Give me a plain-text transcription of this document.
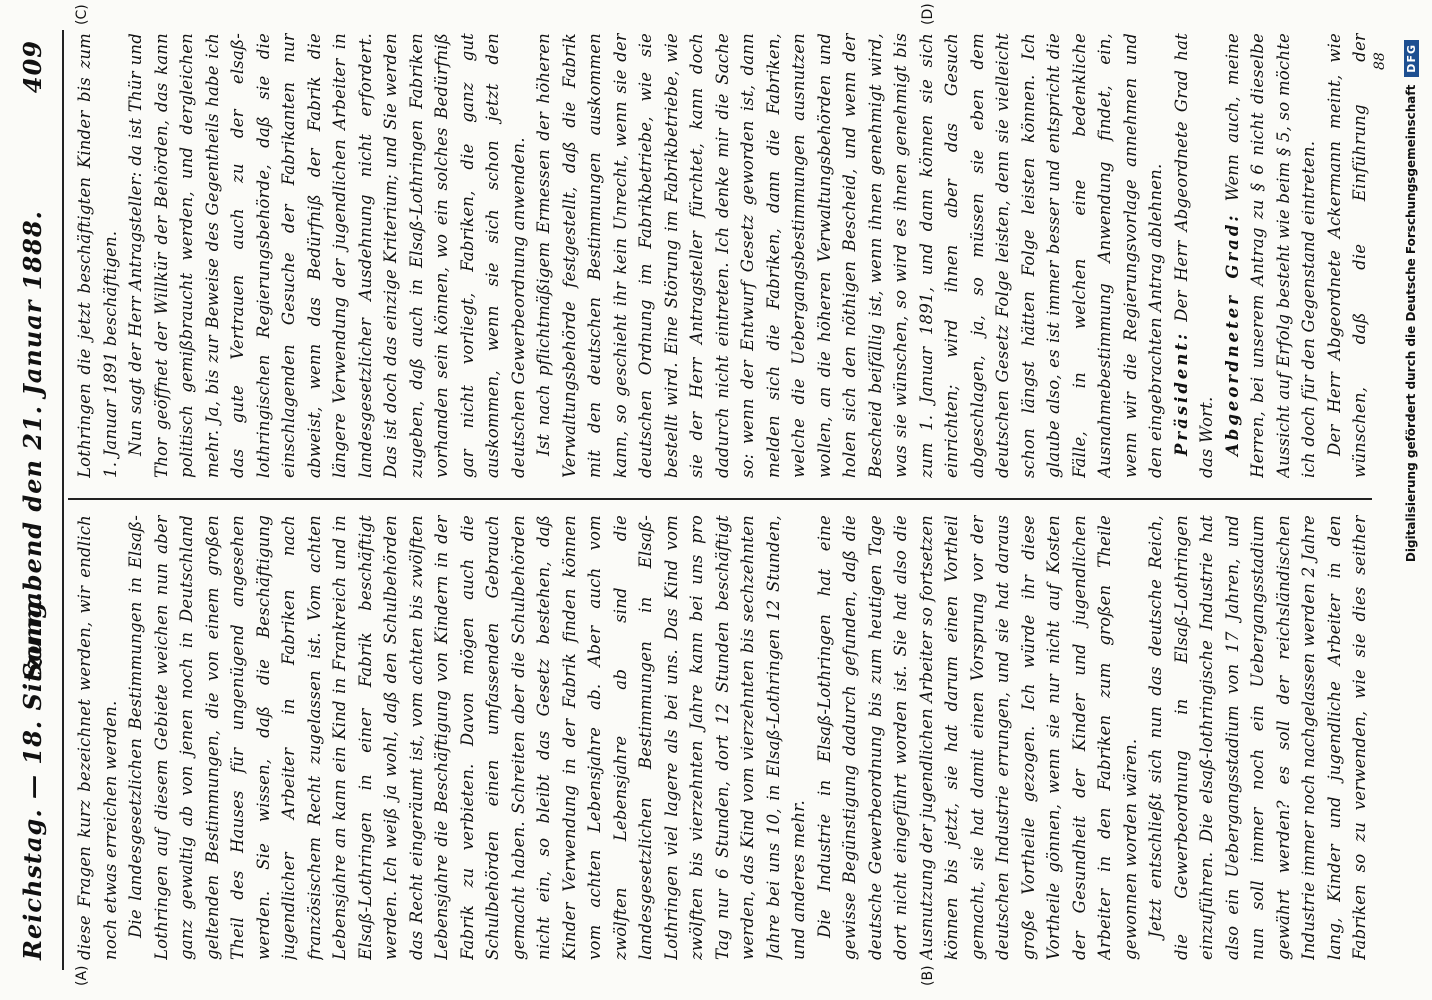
Reichstag. — 18. Sitzung.
Sonnabend den 21. Januar 1888.
409
(A)	(B)
(C)	(D)

diese Fragen kurz bezeichnet werden, wir endlich noch etwas erreichen werden. Die landesgesetzlichen Bestimmungen in Elsaß-Lothringen auf diesem Gebiete weichen nun aber ganz gewaltig ab von jenen noch in Deutschland geltenden Bestimmungen, die von einem großen Theil des Hauses für ungenügend angesehen werden. Sie wissen, daß die Beschäftigung jugendlicher Arbeiter in Fabriken nach französischem Recht zugelassen ist. Vom achten Lebensjahre an kann ein Kind in Frankreich und in Elsaß-Lothringen in einer Fabrik beschäftigt werden. Ich weiß ja wohl, daß den Schulbehörden das Recht eingeräumt ist, vom achten bis zwölften Lebensjahre die Beschäftigung von Kindern in der Fabrik zu verbieten. Davon mögen auch die Schulbehörden einen umfassenden Gebrauch gemacht haben. Schreiten aber die Schulbehörden nicht ein, so bleibt das Gesetz bestehen, daß Kinder Verwendung in der Fabrik finden können vom achten Lebensjahre ab. Aber auch vom zwölften Lebensjahre ab sind die landesgesetzlichen Bestimmungen in Elsaß-Lothringen viel lagere als bei uns. Das Kind vom zwölften bis vierzehnten Jahre kann bei uns pro Tag nur 6 Stunden, dort 12 Stunden beschäftigt werden, das Kind vom vierzehnten bis sechzehnten Jahre bei uns 10, in Elsaß-Lothringen 12 Stunden, und anderes mehr. Die Industrie in Elsaß-Lothringen hat eine gewisse Begünstigung dadurch gefunden, daß die deutsche Gewerbeordnung bis zum heutigen Tage dort nicht eingeführt worden ist. Sie hat also die Ausnutzung der jugendlichen Arbeiter so fortsetzen können bis jetzt, sie hat darum einen Vortheil gemacht, sie hat damit einen Vorsprung vor der deutschen Industrie errungen, und sie hat daraus große Vortheile gezogen. Ich würde ihr diese Vortheile gönnen, wenn sie nur nicht auf Kosten der Gesundheit der Kinder und jugendlichen Arbeiter in den Fabriken zum großen Theile gewonnen worden wären. Jetzt entschließt sich nun das deutsche Reich, die Gewerbeordnung in Elsaß-Lothringen einzuführen. Die elsaß-lothringische Industrie hat also ein Uebergangsstadium von 17 Jahren, und nun soll immer noch ein Uebergangsstadium gewährt werden? es soll der reichsländischen Industrie immer noch nachgelassen werden 2 Jahre lang, Kinder und jugendliche Arbeiter in den Fabriken so zu verwenden, wie sie dies seither

Lothringen die jetzt beschäftigten Kinder bis zum 1. Januar 1891 beschäftigen. Nun sagt der Herr Antragsteller: da ist Thür und Thor geöffnet der Willkür der Behörden, das kann politisch gemißbraucht werden, und dergleichen mehr. Ja, bis zur Beweise des Gegentheils habe ich das gute Vertrauen auch zu der elsaß-lothringischen Regierungsbehörde, daß sie die einschlagenden Gesuche der Fabrikanten nur abweist, wenn das Bedürfniß der Fabrik die längere Verwendung der jugendlichen Arbeiter in landesgesetzlicher Ausdehnung nicht erfordert. Das ist doch das einzige Kriterium; und Sie werden zugeben, daß auch in Elsaß-Lothringen Fabriken vorhanden sein können, wo ein solches Bedürfniß gar nicht vorliegt, Fabriken, die ganz gut auskommen, wenn sie sich schon jetzt den deutschen Gewerbeordnung anwenden. Ist nach pflichtmäßigem Ermessen der höheren Verwaltungsbehörde festgestellt, daß die Fabrik mit den deutschen Bestimmungen auskommen kann, so geschieht ihr kein Unrecht, wenn sie der deutschen Ordnung im Fabrikbetriebe, wie sie bestellt wird. Eine Störung im Fabrikbetriebe, wie sie der Herr Antragsteller fürchtet, kann doch dadurch nicht eintreten. Ich denke mir die Sache so: wenn der Entwurf Gesetz geworden ist, dann melden sich die Fabriken, dann die Fabriken, welche die Uebergangsbestimmungen ausnutzen wollen, an die höheren Verwaltungsbehörden und holen sich den nöthigen Bescheid, und wenn der Bescheid beifällig ist, wenn ihnen genehmigt wird, was sie wünschen, so wird es ihnen genehmigt bis zum 1. Januar 1891, und dann können sie sich einrichten; wird ihnen aber das Gesuch abgeschlagen, ja, so müssen sie eben dem deutschen Gesetz Folge leisten, denn sie vielleicht schon längst hätten Folge leisten können. Ich glaube also, es ist immer besser und entspricht die Fälle, in welchen eine bedenkliche Ausnahmebestimmung Anwendung findet, ein, wenn wir die Regierungsvorlage annehmen und den eingebrachten Antrag ablehnen. Präsident: Der Herr Abgeordnete Grad hat das Wort. Abgeordneter Grad: Wenn auch, meine Herren, bei unserem Antrag zu § 6 nicht dieselbe Aussicht auf Erfolg besteht wie beim § 5, so möchte ich doch für den Gegenstand eintreten. Der Herr Abgeordnete Ackermann meint, wie wünschen, daß die Einführung der 88
Digitalisierung gefördert durch die Deutsche Forschungsgemeinschaft
DFG
